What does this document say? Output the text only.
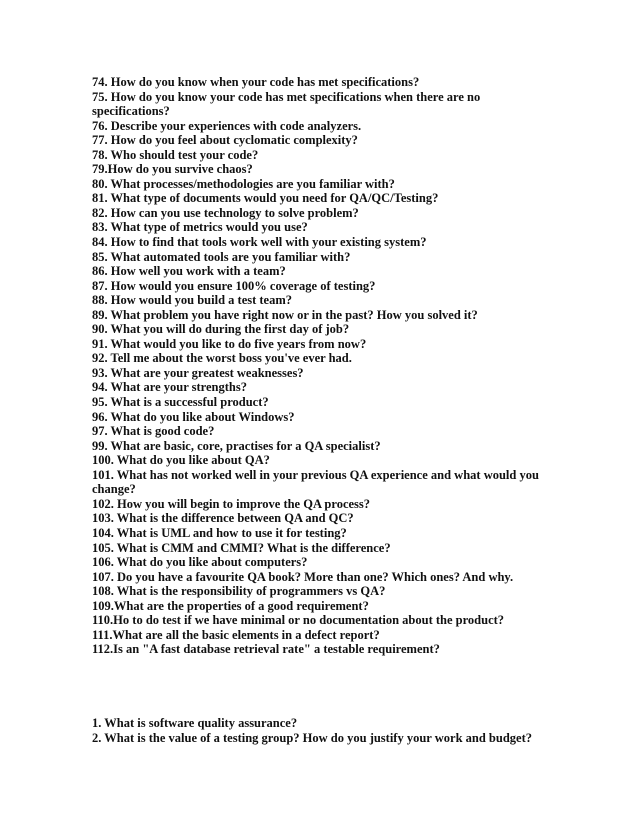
74. How do you know when your code has met specifications?
75. How do you know your code has met specifications when there are no
specifications?
76. Describe your experiences with code analyzers.
77. How do you feel about cyclomatic complexity?
78. Who should test your code?
79.How do you survive chaos?
80. What processes/methodologies are you familiar with?
81. What type of documents would you need for QA/QC/Testing?
82. How can you use technology to solve problem?
83. What type of metrics would you use?
84. How to find that tools work well with your existing system?
85. What automated tools are you familiar with?
86. How well you work with a team?
87. How would you ensure 100% coverage of testing?
88. How would you build a test team?
89. What problem you have right now or in the past? How you solved it?
90. What you will do during the first day of job?
91. What would you like to do five years from now?
92. Tell me about the worst boss you've ever had.
93. What are your greatest weaknesses?
94. What are your strengths?
95. What is a successful product?
96. What do you like about Windows?
97. What is good code?
99. What are basic, core, practises for a QA specialist?
100. What do you like about QA?
101. What has not worked well in your previous QA experience and what would you
change?
102. How you will begin to improve the QA process?
103. What is the difference between QA and QC?
104. What is UML and how to use it for testing?
105. What is CMM and CMMI? What is the difference?
106. What do you like about computers?
107. Do you have a favourite QA book? More than one? Which ones? And why.
108. What is the responsibility of programmers vs QA?
109.What are the properties of a good requirement?
110.Ho to do test if we have minimal or no documentation about the product?
111.What are all the basic elements in a defect report?
112.Is an "A fast database retrieval rate" a testable requirement?
1. What is software quality assurance?
2. What is the value of a testing group? How do you justify your work and budget?
